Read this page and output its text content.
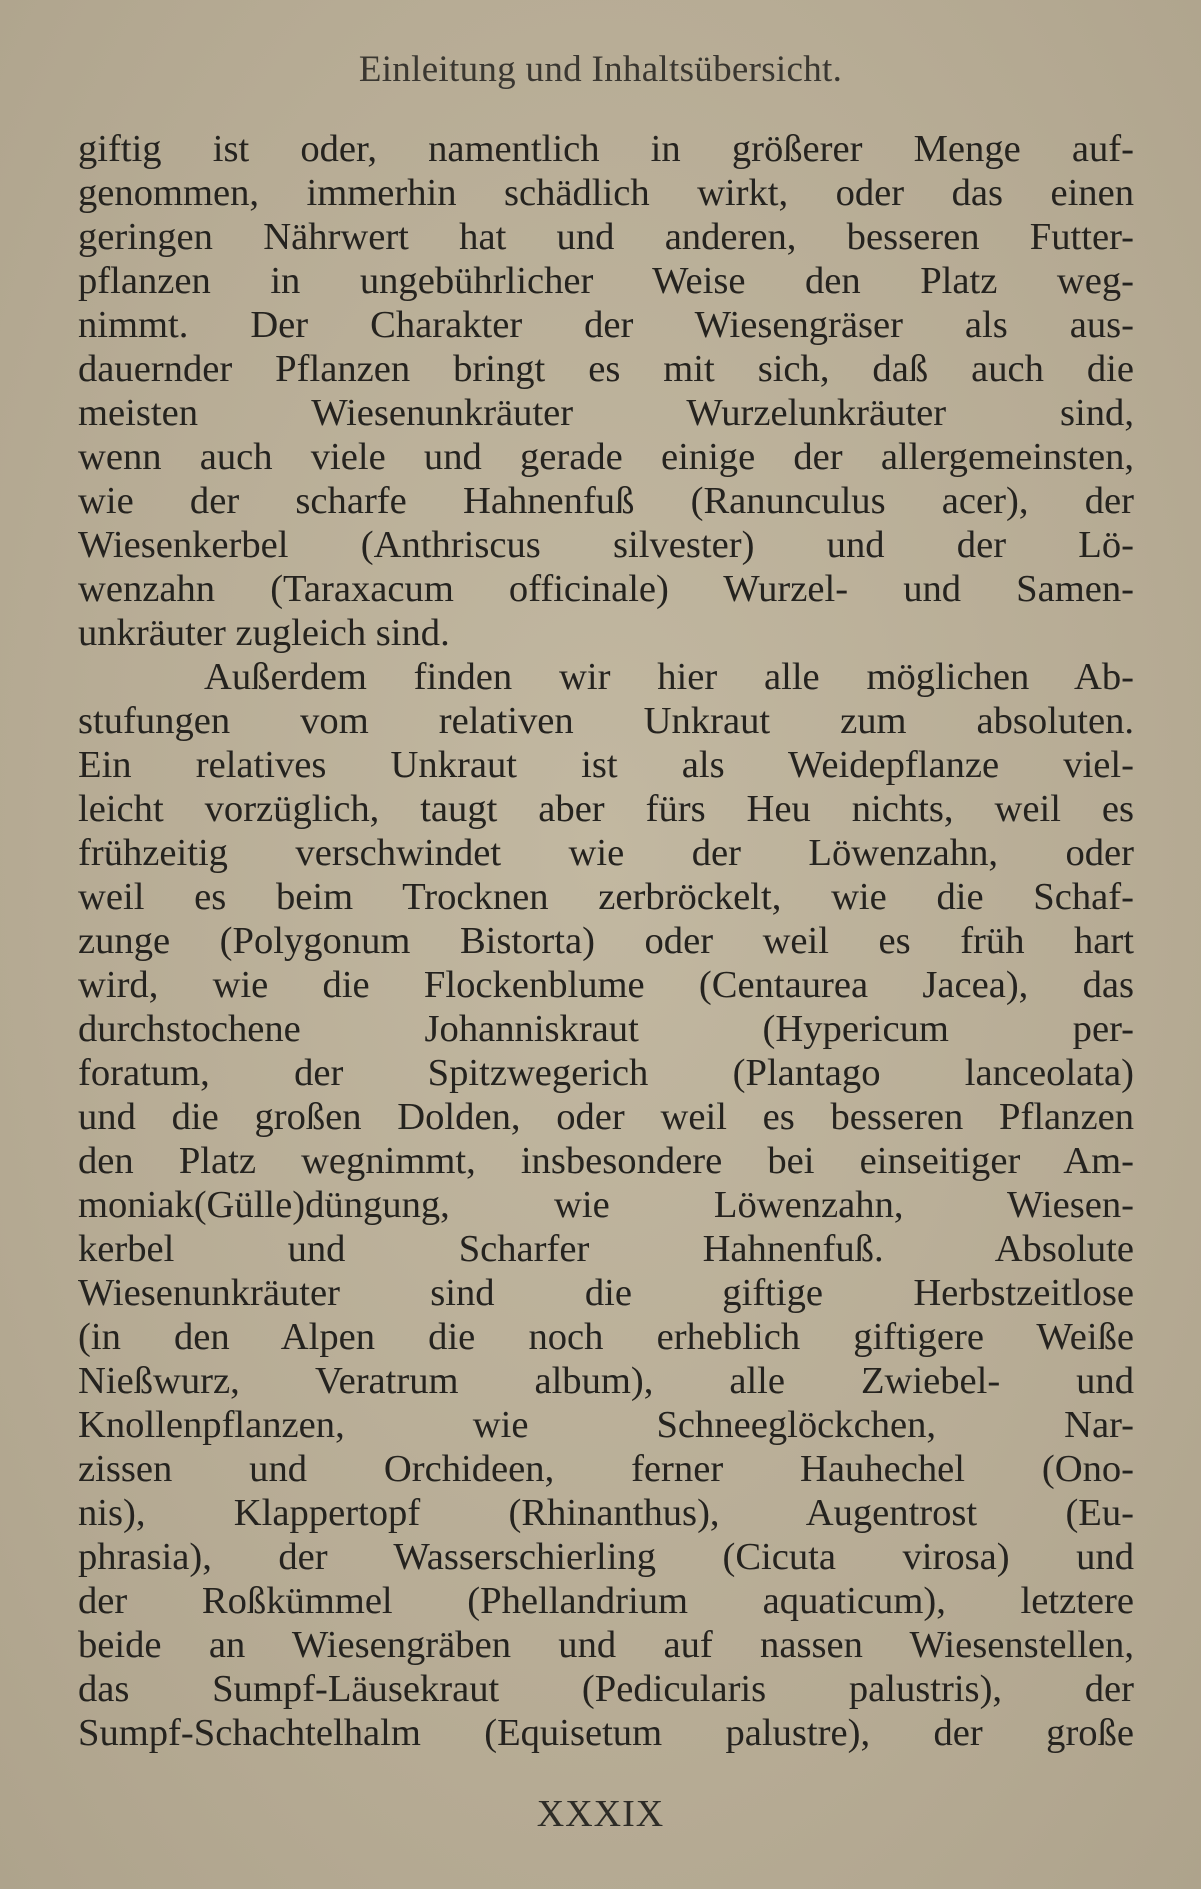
Einleitung und Inhaltsübersicht.
giftig ist oder, namentlich in größerer Menge auf-
genommen, immerhin schädlich wirkt, oder das einen
geringen Nährwert hat und anderen, besseren Futter-
pflanzen in ungebührlicher Weise den Platz weg-
nimmt. Der Charakter der Wiesengräser als aus-
dauernder Pflanzen bringt es mit sich, daß auch die
meisten Wiesenunkräuter Wurzelunkräuter sind,
wenn auch viele und gerade einige der allergemeinsten,
wie der scharfe Hahnenfuß (Ranunculus acer), der
Wiesenkerbel (Anthriscus silvester) und der Lö-
wenzahn (Taraxacum officinale) Wurzel- und Samen-
unkräuter zugleich sind.
Außerdem finden wir hier alle möglichen Ab-
stufungen vom relativen Unkraut zum absoluten.
Ein relatives Unkraut ist als Weidepflanze viel-
leicht vorzüglich, taugt aber fürs Heu nichts, weil es
frühzeitig verschwindet wie der Löwenzahn, oder
weil es beim Trocknen zerbröckelt, wie die Schaf-
zunge (Polygonum Bistorta) oder weil es früh hart
wird, wie die Flockenblume (Centaurea Jacea), das
durchstochene Johanniskraut (Hypericum per-
foratum, der Spitzwegerich (Plantago lanceolata)
und die großen Dolden, oder weil es besseren Pflanzen
den Platz wegnimmt, insbesondere bei einseitiger Am-
moniak(Gülle)düngung, wie Löwenzahn, Wiesen-
kerbel und Scharfer Hahnenfuß. Absolute
Wiesenunkräuter sind die giftige Herbstzeitlose
(in den Alpen die noch erheblich giftigere Weiße
Nießwurz, Veratrum album), alle Zwiebel- und
Knollenpflanzen, wie Schneeglöckchen, Nar-
zissen und Orchideen, ferner Hauhechel (Ono-
nis), Klappertopf (Rhinanthus), Augentrost (Eu-
phrasia), der Wasserschierling (Cicuta virosa) und
der Roßkümmel (Phellandrium aquaticum), letztere
beide an Wiesengräben und auf nassen Wiesenstellen,
das Sumpf-Läusekraut (Pedicularis palustris), der
Sumpf-Schachtelhalm (Equisetum palustre), der große
XXXIX
